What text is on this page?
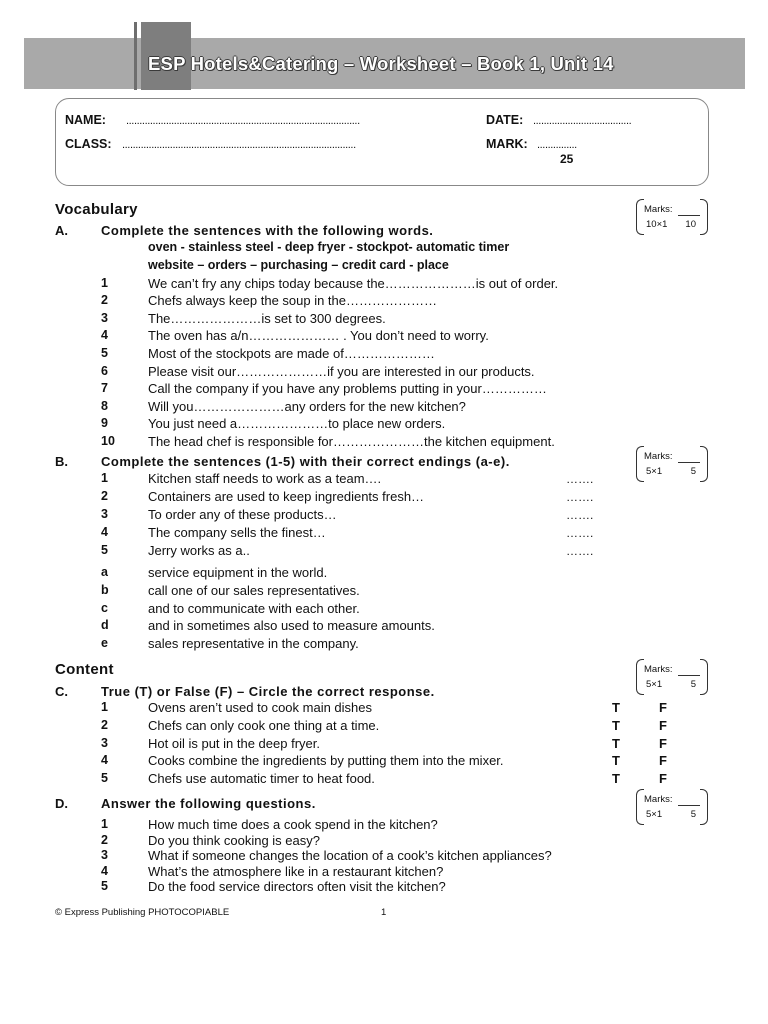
ESP Hotels&Catering – Worksheet – Book 1, Unit 14
NAME: ........................................................................................
CLASS: ........................................................................................
DATE: .....................................
MARK: ...............
25
Vocabulary	Marks:
10×1 10
A.	Complete the sentences with the following words.
oven - stainless steel - deep fryer - stockpot- automatic timer
website – orders – purchasing – credit card - place
1	We can’t fry any chips today because the…………………is out of order.
2	Chefs always keep the soup in the…………………
3	The…………………is set to 300 degrees.
4	The oven has a/n………………… . You don’t need to worry.
5	Most of the stockpots are made of…………………
6	Please visit our…………………if you are interested in our products.
7	Call the company if you have any problems putting in your……………
8	Will you…………………any orders for the new kitchen?
9	You just need a…………………to place new orders.
10	The head chef is responsible for…………………the kitchen equipment.
B.	Complete the sentences (1-5) with their correct endings (a-e).	Marks:
5×1	5
1	Kitchen staff needs to work as a team….	…….
2	Containers are used to keep ingredients fresh…	…….
3	To order any of these products…	…….
4	The company sells the finest…	…….
5	Jerry works as a..	…….
a	service equipment in the world.
b	call one of our sales representatives.
c	and to communicate with each other.
d	and in sometimes also used to measure amounts.
e	sales representative in the company.
Content	Marks:
5×1	5
C.	True (T) or False (F) – Circle the correct response.
1	Ovens aren’t used to cook main dishes	T	F
2	Chefs can only cook one thing at a time.	T	F
3	Hot oil is put in the deep fryer.	T	F
4	Cooks combine the ingredients by putting them into the mixer.	T	F
5	Chefs use automatic timer to heat food.	T	F
D.	Answer the following questions.	Marks:
5×1	5
1	How much time does a cook spend in the kitchen?
2	Do you think cooking is easy?
3	What if someone changes the location of a cook’s kitchen appliances?
4	What’s the atmosphere like in a restaurant kitchen?
5	Do the food service directors often visit the kitchen?
© Express Publishing PHOTOCOPIABLE	1
